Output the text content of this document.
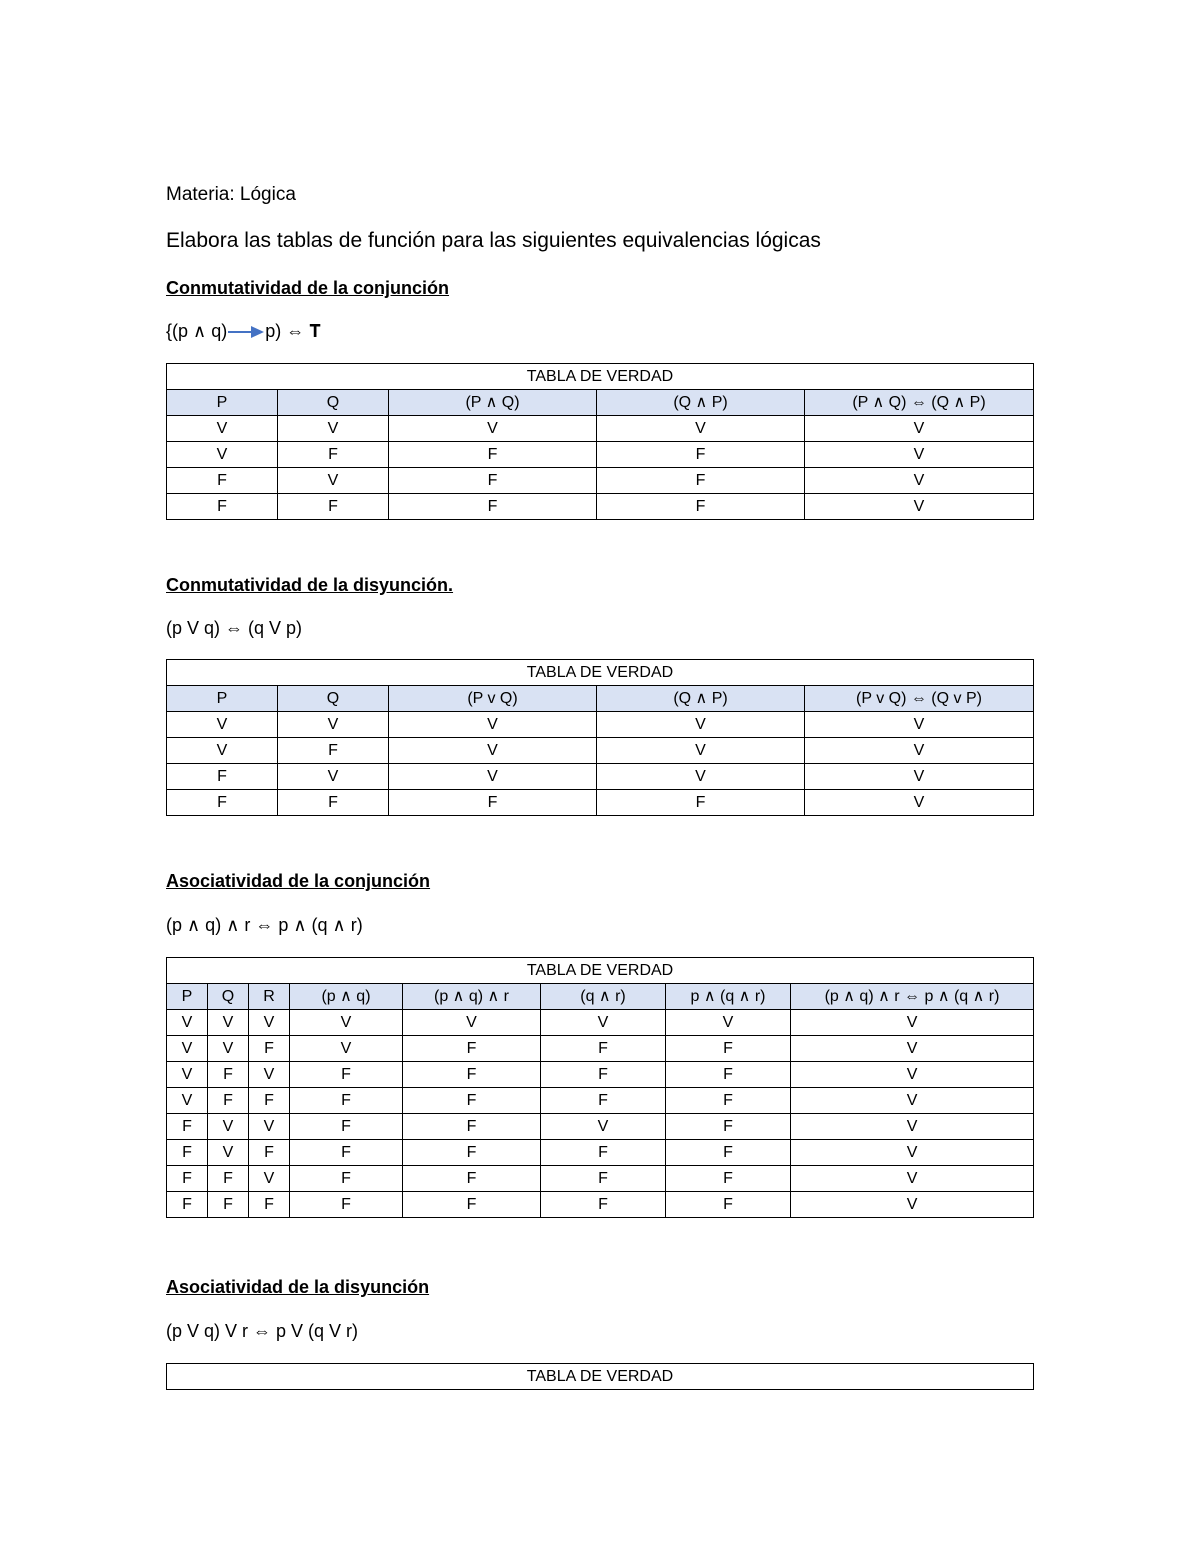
Materia: Lógica
Elabora las tablas de función para las siguientes equivalencias lógicas
Conmutatividad de la conjunción
{(p ∧ q) p) ⇔ 𝐓
TABLA DE VERDAD				
P	Q	(P ∧ Q)	(Q ∧ P)	(P ∧ Q) ⇔ (Q ∧ P)
V	V	V	V	V
V	F	F	F	V
F	V	F	F	V
F	F	F	F	V
Conmutatividad de la disyunción.
(p V q) ⇔ (q V p)
TABLA DE VERDAD				
P	Q	(P v Q)	(Q ∧ P)	(P v Q) ⇔ (Q v P)
V	V	V	V	V
V	F	V	V	V
F	V	V	V	V
F	F	F	F	V
Asociatividad de la conjunción
(p ∧ q) ∧ r ⇔ p ∧ (q ∧ r)
TABLA DE VERDAD							
P	Q	R	(p ∧ q)	(p ∧ q) ∧ r	(q ∧ r)	p ∧ (q ∧ r)	(p ∧ q) ∧ r ⇔ p ∧ (q ∧ r)
V	V	V	V	V	V	V	V
V	V	F	V	F	F	F	V
V	F	V	F	F	F	F	V
V	F	F	F	F	F	F	V
F	V	V	F	F	V	F	V
F	V	F	F	F	F	F	V
F	F	V	F	F	F	F	V
F	F	F	F	F	F	F	V
Asociatividad de la disyunción
(p V q) V r ⇔ p V (q V r)
TABLA DE VERDAD
